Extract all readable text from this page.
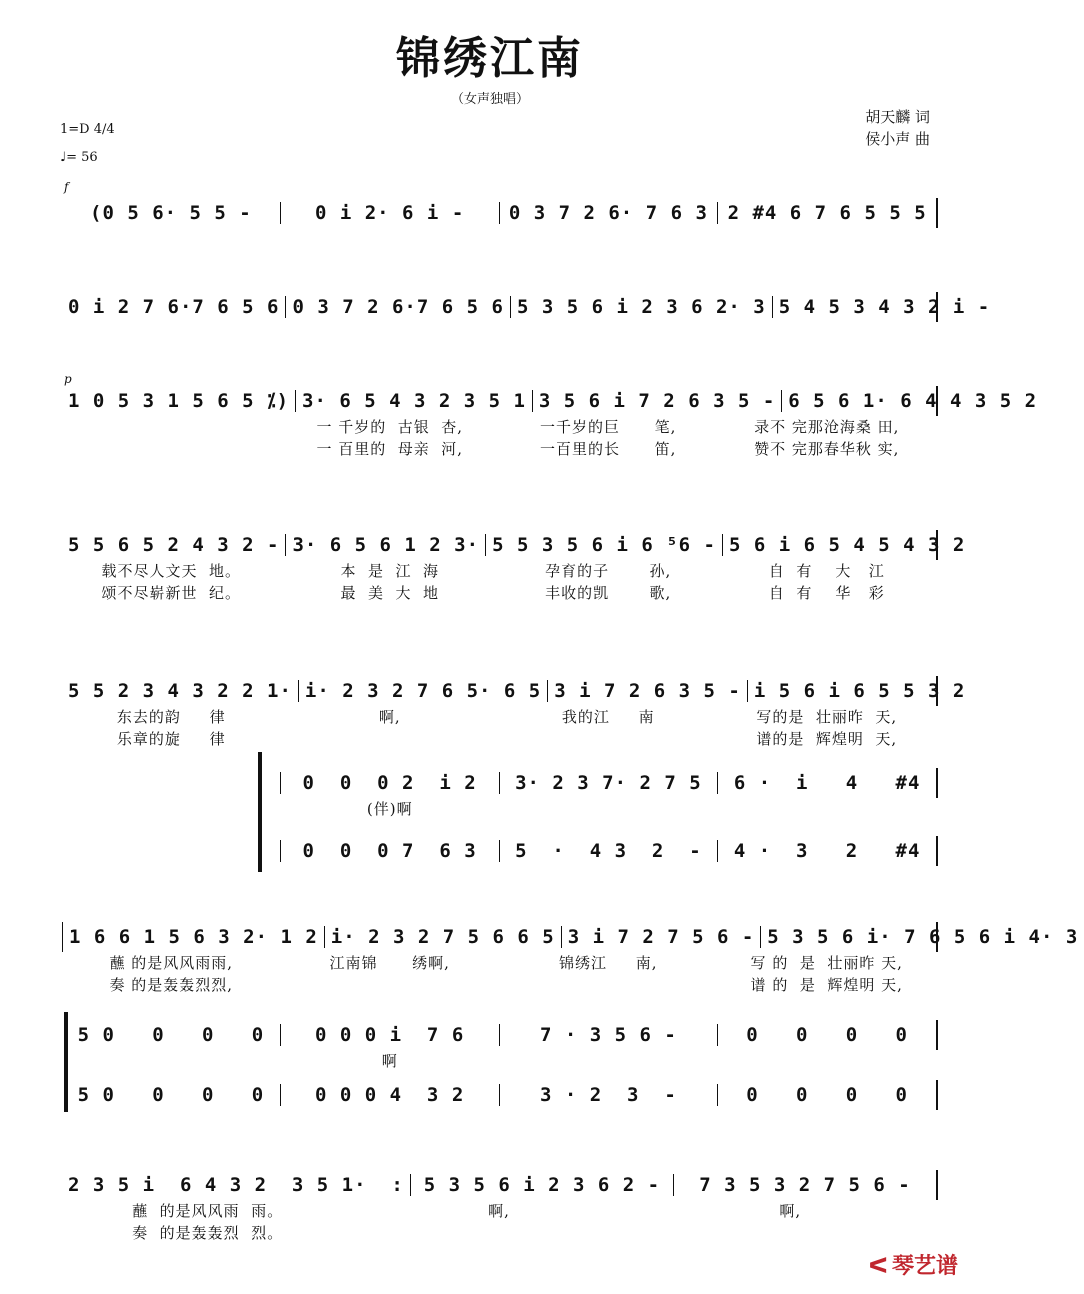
锦绣江南
（女声独唱）
胡天麟 词
侯小声 曲
1=D 4/4
♩= 56
f
p
(0 5 6· 5 5 -	0 i 2· 6 i -	0 3 7 2 6· 7 6 3	2 #4 6 7 6 5 5 5
0 i 2 7 6·7 6 5 6 0 3 7 2 6·7 6 5 6 5 3 5 6 i 2 3 6 2· 3 5 4 5 3 4 3 2 i -
1 0 5 3 1 5 6 5 ⁒) 3· 6 5 4 3 2 3 5 1 3 5 6 i 7 2 6 3 5 - 6 5 6 1· 6 4 4 3 5 2
一 千岁的  古银  杏,	一千岁的巨      笔,	录不 完那沧海桑 田,
一 百里的  母亲  河,	一百里的长      笛,	赞不 完那春华秋 实,
5 5 6 5 2 4 3 2 - 3· 6 5 6 1 2 3· 5 5 3 5 6 i 6 ⁵6 - 5 6 i 6 5 4 5 4 3 2
载不尽人文天  地。	本  是  江  海	孕育的子       孙,	自  有    大   江
颂不尽崭新世  纪。	最  美  大  地	丰收的凯       歌,	自  有    华   彩
5 5 2 3 4 3 2 2 1· i· 2 3 2 7 6 5· 6 5 3 i 7 2 6 3 5 - i 5 6 i 6 5 5 3 2
东去的韵     律	啊,	我的江     南	写的是  壮丽昨  天,
乐章的旋     律	谱的是  辉煌明  天,
0  0  0 2  i 2	3· 2 3 7· 2 7 5	6 ·  i   4   #4
(伴)啊
0  0  0 7  6 3	5  ·  4 3  2  -	4 ·  3   2   #4
1 6 6 1 5 6 3 2· 1 2 i· 2 3 2 7 5 6 6 5 3 i 7 2 7 5 6 - 5 3 5 6 i· 7 6 5 6 i 4· 3
蘸 的是风风雨雨,	江南锦      绣啊,	锦绣江     南,	写 的  是  壮丽昨 天,
奏 的是轰轰烈烈,	谱 的  是  辉煌明 天,
5 0   0   0   0	0 0 0 i  7 6	7 · 3 5 6 -	0   0   0   0
啊
5 0   0   0   0	0 0 0 4  3 2	3 · 2  3  -	0   0   0   0
2 3 5 i  6 4 3 2  3 5 1·  :	5 3 5 6 i 2 3 6 2 -	7 3 5 3 2 7 5 6 -
蘸  的是风风雨  雨。	啊,	啊,
奏  的是轰轰烈  烈。
ᐸ 琴艺谱
